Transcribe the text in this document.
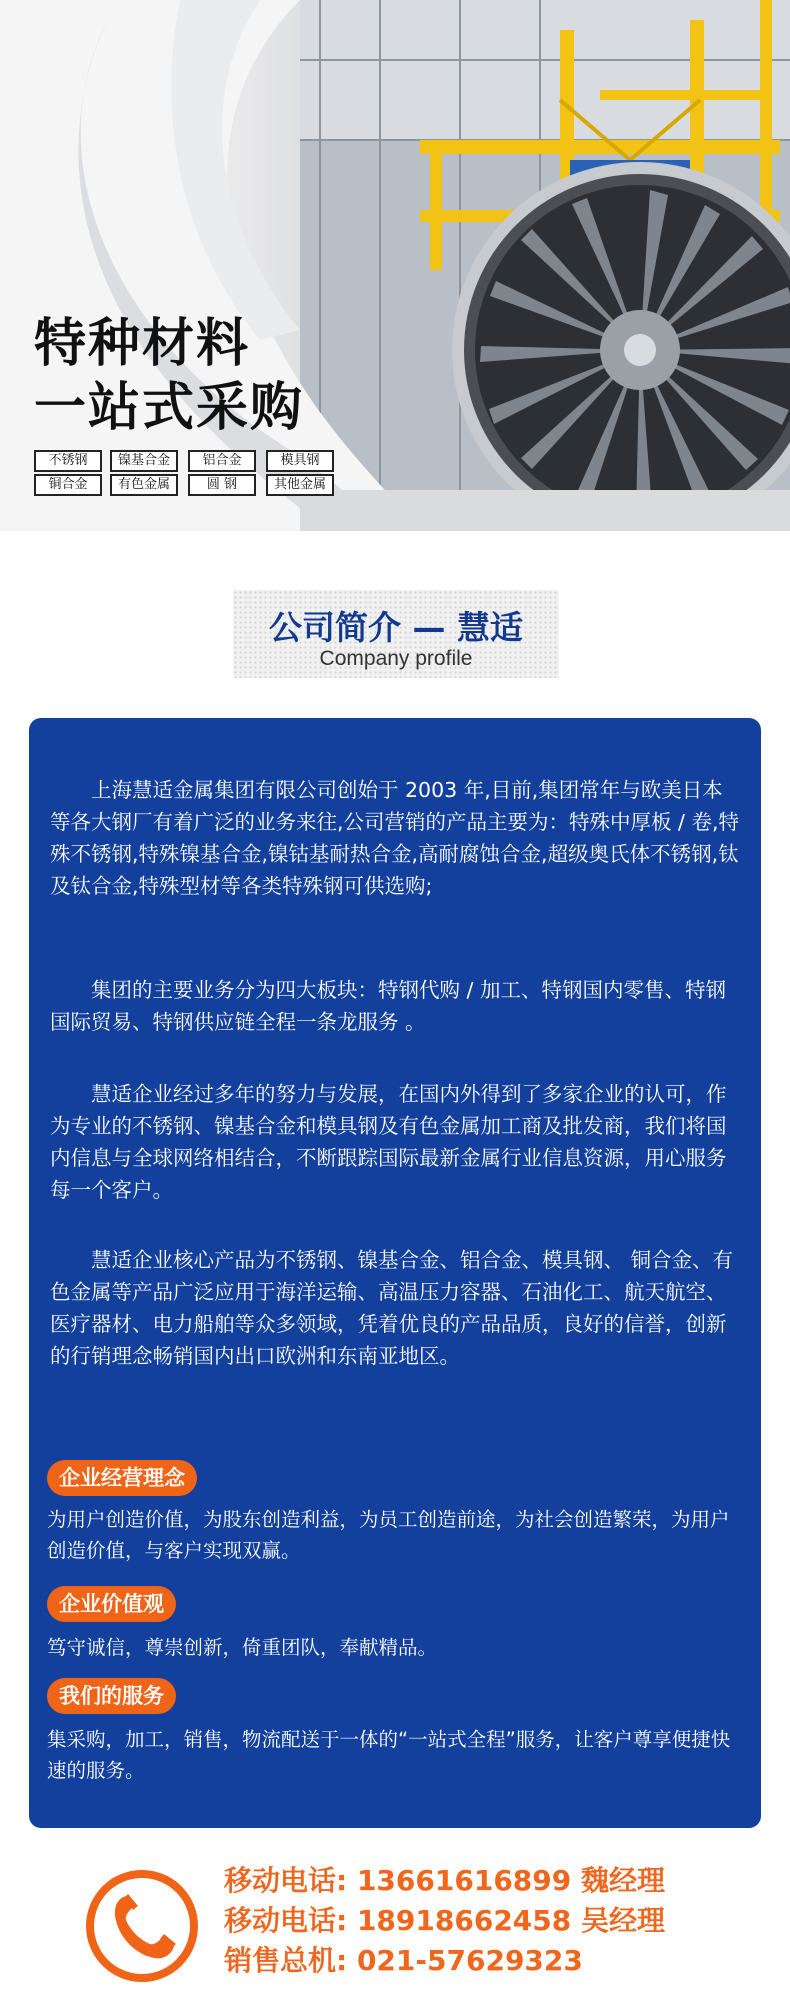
特种材料
一站式采购
不锈钢	镍基合金	铝合金	模具钢
铜合金	有色金属	圆 钢	其他金属
公司简介 — 慧适
Company profile

上海慧适金属集团有限公司创始于 2003 年,目前,集团常年与欧美日本等各大钢厂有着广泛的业务来往,公司营销的产品主要为：特殊中厚板 / 卷,特殊不锈钢,特殊镍基合金,镍钴基耐热合金,高耐腐蚀合金,超级奥氏体不锈钢,钛及钛合金,特殊型材等各类特殊钢可供选购;

集团的主要业务分为四大板块：特钢代购 / 加工、特钢国内零售、特钢国际贸易、特钢供应链全程一条龙服务 。

慧适企业经过多年的努力与发展，在国内外得到了多家企业的认可，作为专业的不锈钢、镍基合金和模具钢及有色金属加工商及批发商，我们将国内信息与全球网络相结合，不断跟踪国际最新金属行业信息资源，用心服务每一个客户。

慧适企业核心产品为不锈钢、镍基合金、铝合金、模具钢、 铜合金、有色金属等产品广泛应用于海洋运输、高温压力容器、石油化工、航天航空、医疗器材、电力船舶等众多领域，凭着优良的产品品质，良好的信誉，创新的行销理念畅销国内出口欧洲和东南亚地区。

企业经营理念

为用户创造价值，为股东创造利益，为员工创造前途，为社会创造繁荣，为用户创造价值，与客户实现双赢。

企业价值观

笃守诚信，尊崇创新，倚重团队，奉献精品。

我们的服务

集采购，加工，销售，物流配送于一体的“一站式全程”服务，让客户尊享便捷快速的服务。

移动电话: 13661616899 魏经理
移动电话: 18918662458 吴经理
销售总机: 021-57629323
